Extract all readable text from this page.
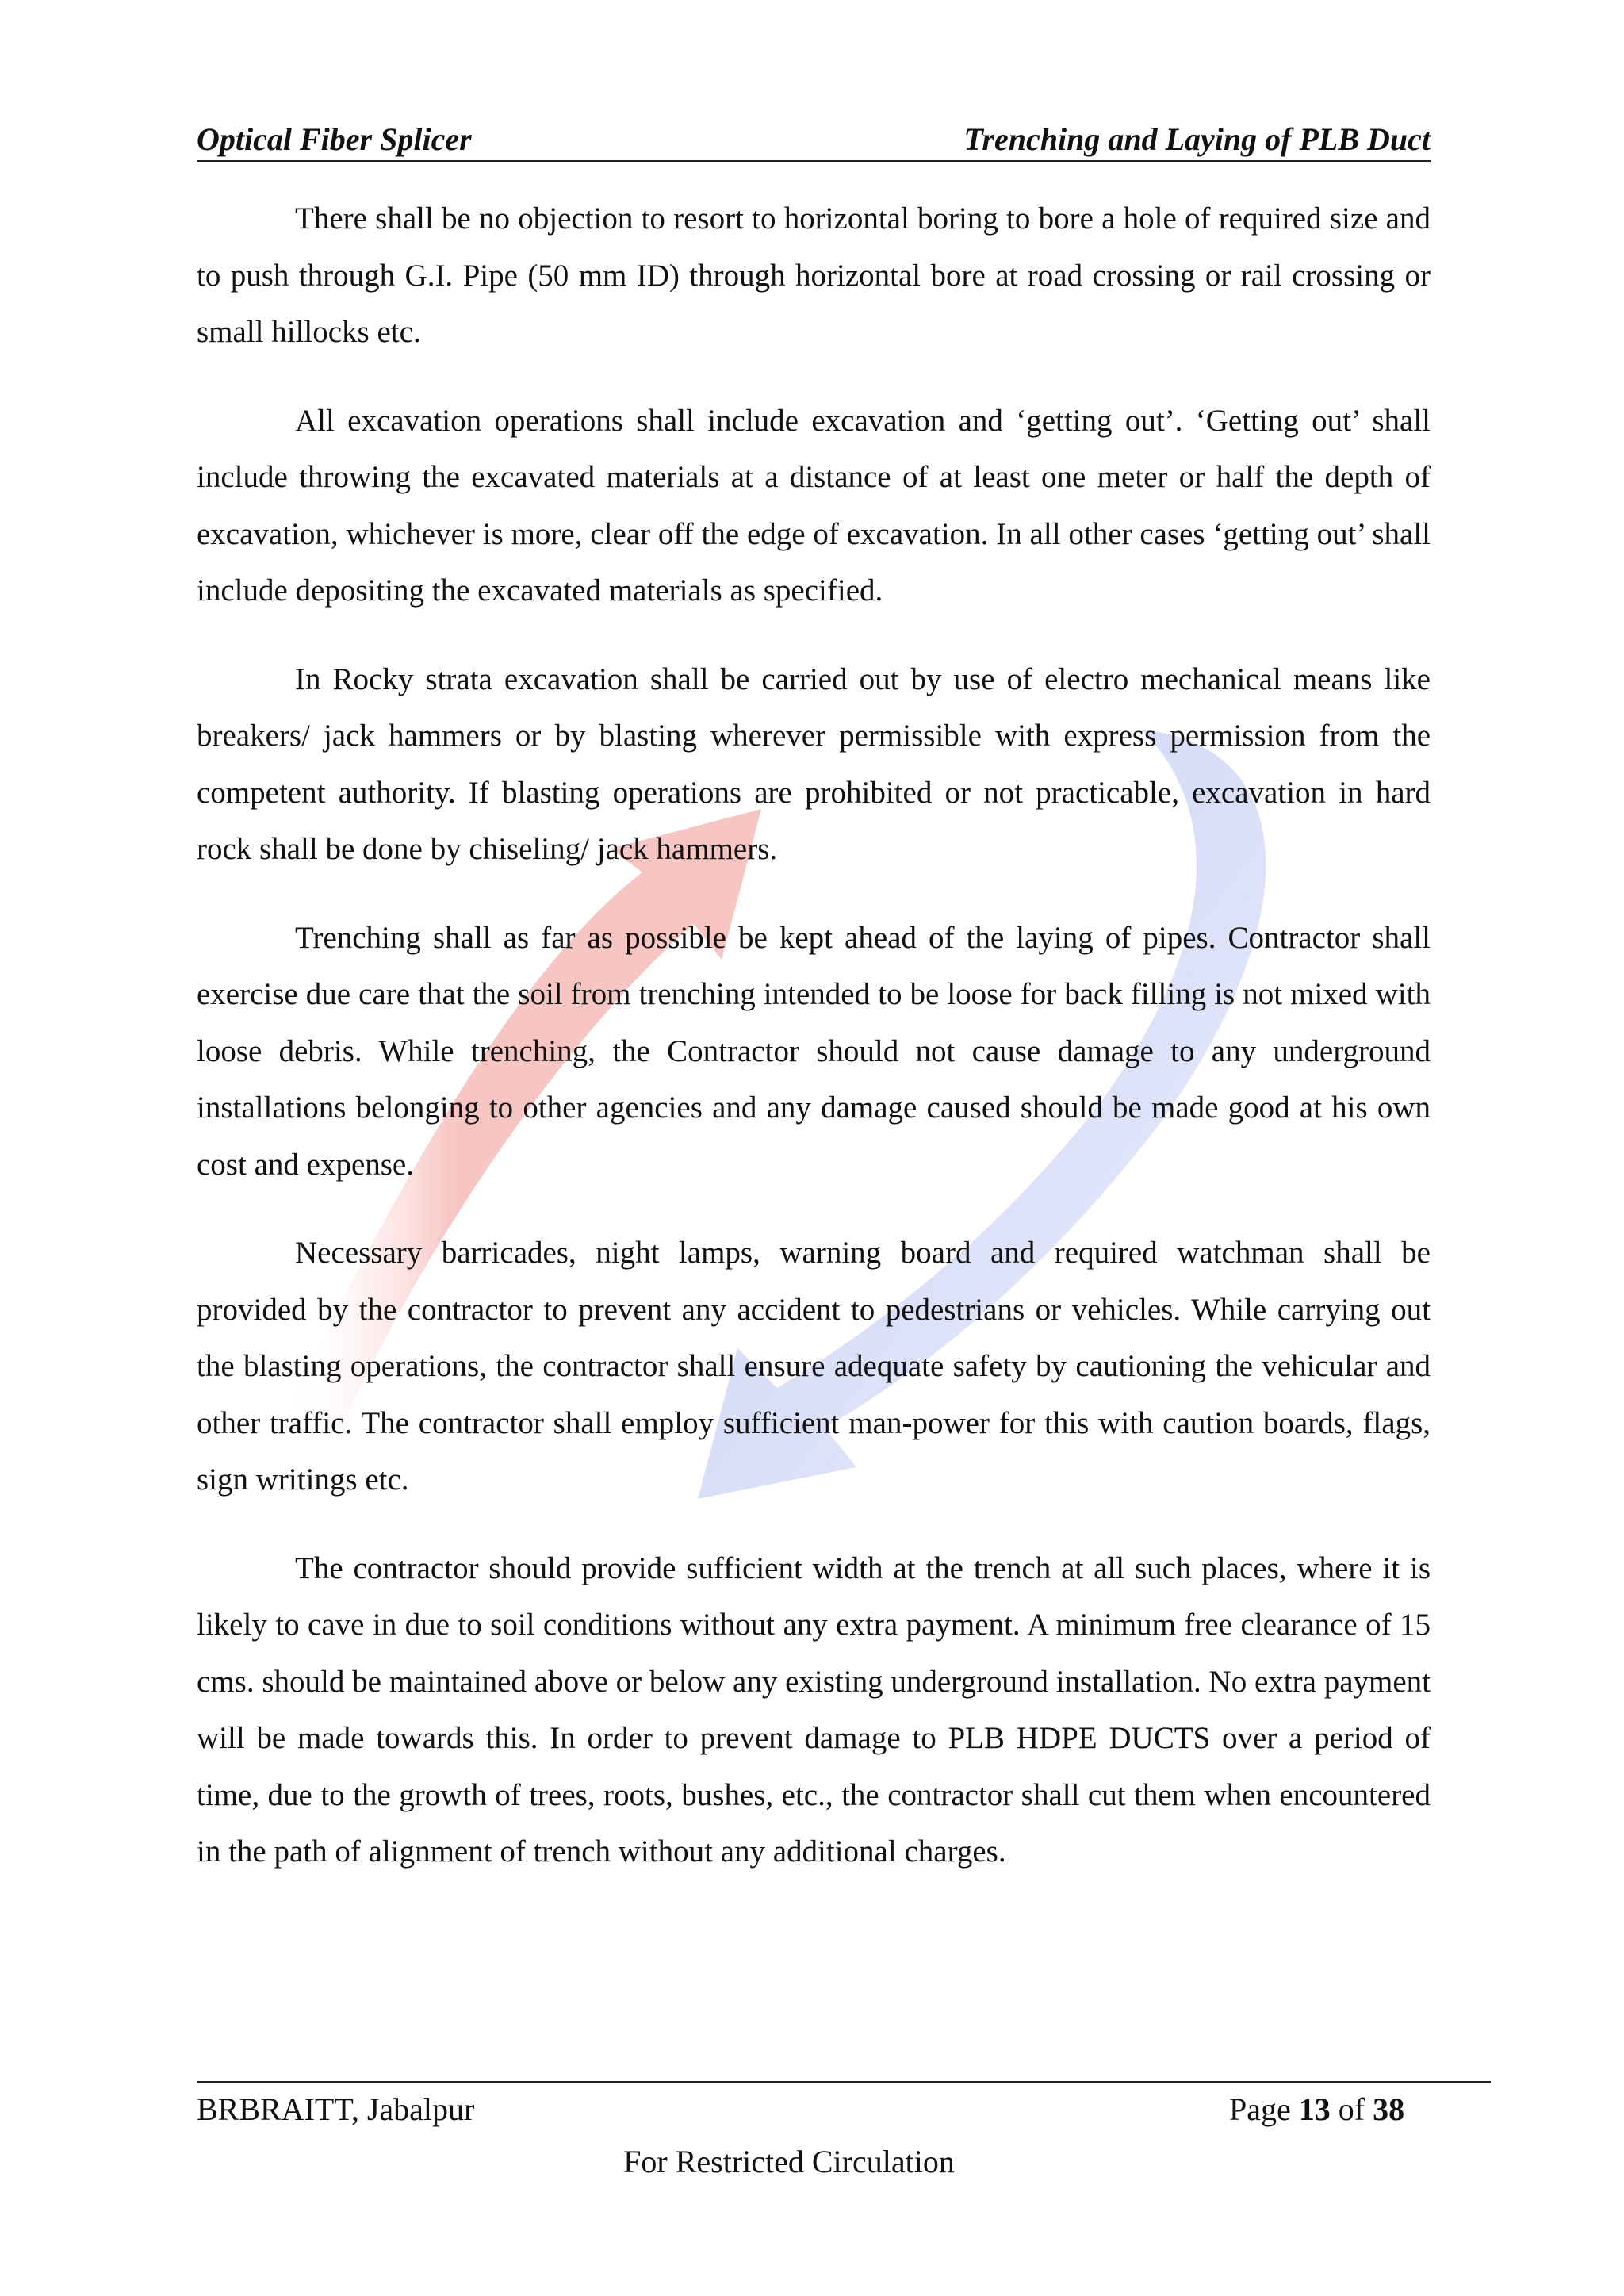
Optical Fiber Splicer	Trenching and Laying of PLB Duct

There shall be no objection to resort to horizontal boring to bore a hole of required size and to push through G.I. Pipe (50 mm ID) through horizontal bore at road crossing or rail crossing or small hillocks etc.

All excavation operations shall include excavation and ‘getting out’. ‘Getting out’ shall include throwing the excavated materials at a distance of at least one meter or half the depth of excavation, whichever is more, clear off the edge of excavation. In all other cases ‘getting out’ shall include depositing the excavated materials as specified.

In Rocky strata excavation shall be carried out by use of electro mechanical means like breakers/ jack hammers or by blasting wherever permissible with express permission from the competent authority. If blasting operations are prohibited or not practicable, excavation in hard rock shall be done by chiseling/ jack hammers.

Trenching shall as far as possible be kept ahead of the laying of pipes. Contractor shall exercise due care that the soil from trenching intended to be loose for back filling is not mixed with loose debris. While trenching, the Contractor should not cause damage to any underground installations belonging to other agencies and any damage caused should be made good at his own cost and expense.

Necessary barricades, night lamps, warning board and required watchman shall be provided by the contractor to prevent any accident to pedestrians or vehicles. While carrying out the blasting operations, the contractor shall ensure adequate safety by cautioning the vehicular and other traffic. The contractor shall employ sufficient man-power for this with caution boards, flags, sign writings etc.

The contractor should provide sufficient width at the trench at all such places, where it is likely to cave in due to soil conditions without any extra payment. A minimum free clearance of 15 cms. should be maintained above or below any existing underground installation. No extra payment will be made towards this. In order to prevent damage to PLB HDPE DUCTS over a period of time, due to the growth of trees, roots, bushes, etc., the contractor shall cut them when encountered in the path of alignment of trench without any additional charges.

BRBRAITT, Jabalpur	Page 13 of 38
For Restricted Circulation
